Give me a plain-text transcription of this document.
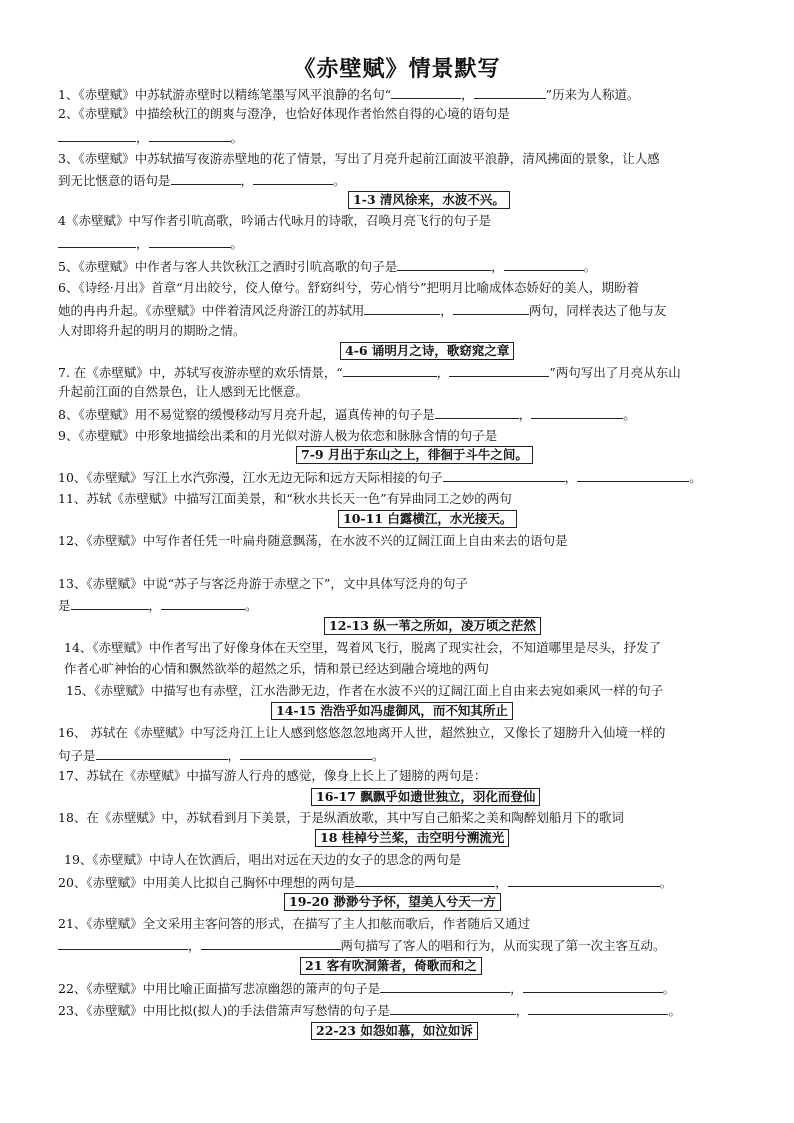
《赤壁赋》情景默写
1、《赤壁赋》中苏轼游赤壁时以精练笔墨写风平浪静的名句“	，	”历来为人称道。
2、《赤壁赋》中描绘秋江的朗爽与澄净，也恰好体现作者怡然自得的心境的语句是
，	。
3、《赤壁赋》中苏轼描写夜游赤壁地的花了情景，写出了月亮升起前江面波平浪静，清风拂面的景象，让人感
到无比惬意的语句是	，	。
1-3 清风徐来，水波不兴。
4《赤壁赋》中写作者引吭高歌，吟诵古代咏月的诗歌，召唤月亮飞行的句子是
，	。
5、《赤壁赋》中作者与客人共饮秋江之酒时引吭高歌的句子是	，	。
6、《诗经·月出》首章“月出皎兮，佼人僚兮。舒窈纠兮，劳心悄兮”把明月比喻成体态娇好的美人，期盼着
她的冉冉升起。《赤壁赋》中伴着清风泛舟游江的苏轼用	，	两句，同样表达了他与友
人对即将升起的明月的期盼之情。
4-6 诵明月之诗，歌窈窕之章
7. 在《赤壁赋》中，苏轼写夜游赤壁的欢乐情景，“	，	”两句写出了月亮从东山
升起前江面的自然景色，让人感到无比惬意。
8、《赤壁赋》用不易觉察的缓慢移动写月亮升起，逼真传神的句子是	，	。
9、《赤壁赋》中形象地描绘出柔和的月光似对游人极为依恋和脉脉含情的句子是
7-9 月出于东山之上，徘徊于斗牛之间。
10、《赤壁赋》写江上水汽弥漫，江水无边无际和远方天际相接的句子	，	。
11、苏轼《赤壁赋》中描写江面美景，和“秋水共长天一色”有异曲同工之妙的两句
10-11 白露横江，水光接天。
12、《赤壁赋》中写作者任凭一叶扁舟随意飘荡，在水波不兴的辽阔江面上自由来去的语句是
13、《赤壁赋》中说“苏子与客泛舟游于赤壁之下”，文中具体写泛舟的句子
是	，	。
12-13 纵一苇之所如，凌万顷之茫然
14、《赤壁赋》中作者写出了好像身体在天空里，驾着风飞行，脱离了现实社会，不知道哪里是尽头，抒发了
作者心旷神怡的心情和飘然欲举的超然之乐，情和景已经达到融合境地的两句
15、《赤壁赋》中描写也有赤壁，江水浩渺无边，作者在水波不兴的辽阔江面上自由来去宛如乘风一样的句子
14-15 浩浩乎如冯虚御风，而不知其所止
16、 苏轼在《赤壁赋》中写泛舟江上让人感到悠悠忽忽地离开人世，超然独立，又像长了翅膀升入仙境一样的
句子是	，	。
17、苏轼在《赤壁赋》中描写游人行舟的感觉，像身上长上了翅膀的两句是：
16-17 飘飘乎如遗世独立，羽化而登仙
18、在《赤壁赋》中，苏轼看到月下美景，于是纵酒放歌，其中写自己船桨之美和陶醉划船月下的歌词
18 桂棹兮兰桨，击空明兮溯流光
19、《赤壁赋》中诗人在饮酒后，唱出对远在天边的女子的思念的两句是
20、《赤壁赋》中用美人比拟自己胸怀中理想的两句是	，	。
19-20 渺渺兮予怀，望美人兮天一方
21、《赤壁赋》全文采用主客问答的形式，在描写了主人扣舷而歌后，作者随后又通过
，	两句描写了客人的唱和行为，从而实现了第一次主客互动。
21 客有吹洞箫者，倚歌而和之
22、《赤壁赋》中用比喻正面描写悲凉幽怨的箫声的句子是	，	。
23、《赤壁赋》中用比拟(拟人)的手法借箫声写愁情的句子是	，	。
22-23 如怨如慕，如泣如诉
